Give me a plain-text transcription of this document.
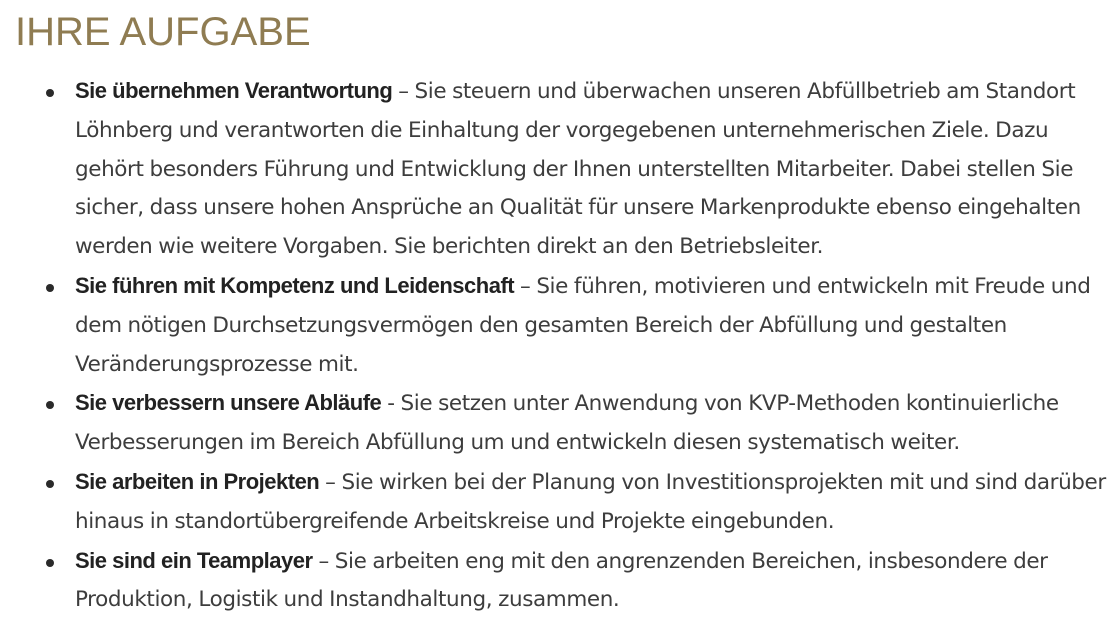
IHRE AUFGABE
Sie übernehmen Verantwortung – Sie steuern und überwachen unseren Abfüllbetrieb am Standort Löhnberg und verantworten die Einhaltung der vorgegebenen unternehmerischen Ziele. Dazu gehört besonders Führung und Entwicklung der Ihnen unterstellten Mitarbeiter. Dabei stellen Sie sicher, dass unsere hohen Ansprüche an Qualität für unsere Markenprodukte ebenso eingehalten werden wie weitere Vorgaben. Sie berichten direkt an den Betriebsleiter.
Sie führen mit Kompetenz und Leidenschaft – Sie führen, motivieren und entwickeln mit Freude und dem nötigen Durchsetzungsvermögen den gesamten Bereich der Abfüllung und gestalten Veränderungsprozesse mit.
Sie verbessern unsere Abläufe - Sie setzen unter Anwendung von KVP-Methoden kontinuierliche Verbesserungen im Bereich Abfüllung um und entwickeln diesen systematisch weiter.
Sie arbeiten in Projekten – Sie wirken bei der Planung von Investitionsprojekten mit und sind darüber hinaus in standortübergreifende Arbeitskreise und Projekte eingebunden.
Sie sind ein Teamplayer – Sie arbeiten eng mit den angrenzenden Bereichen, insbesondere der Produktion, Logistik und Instandhaltung, zusammen.
